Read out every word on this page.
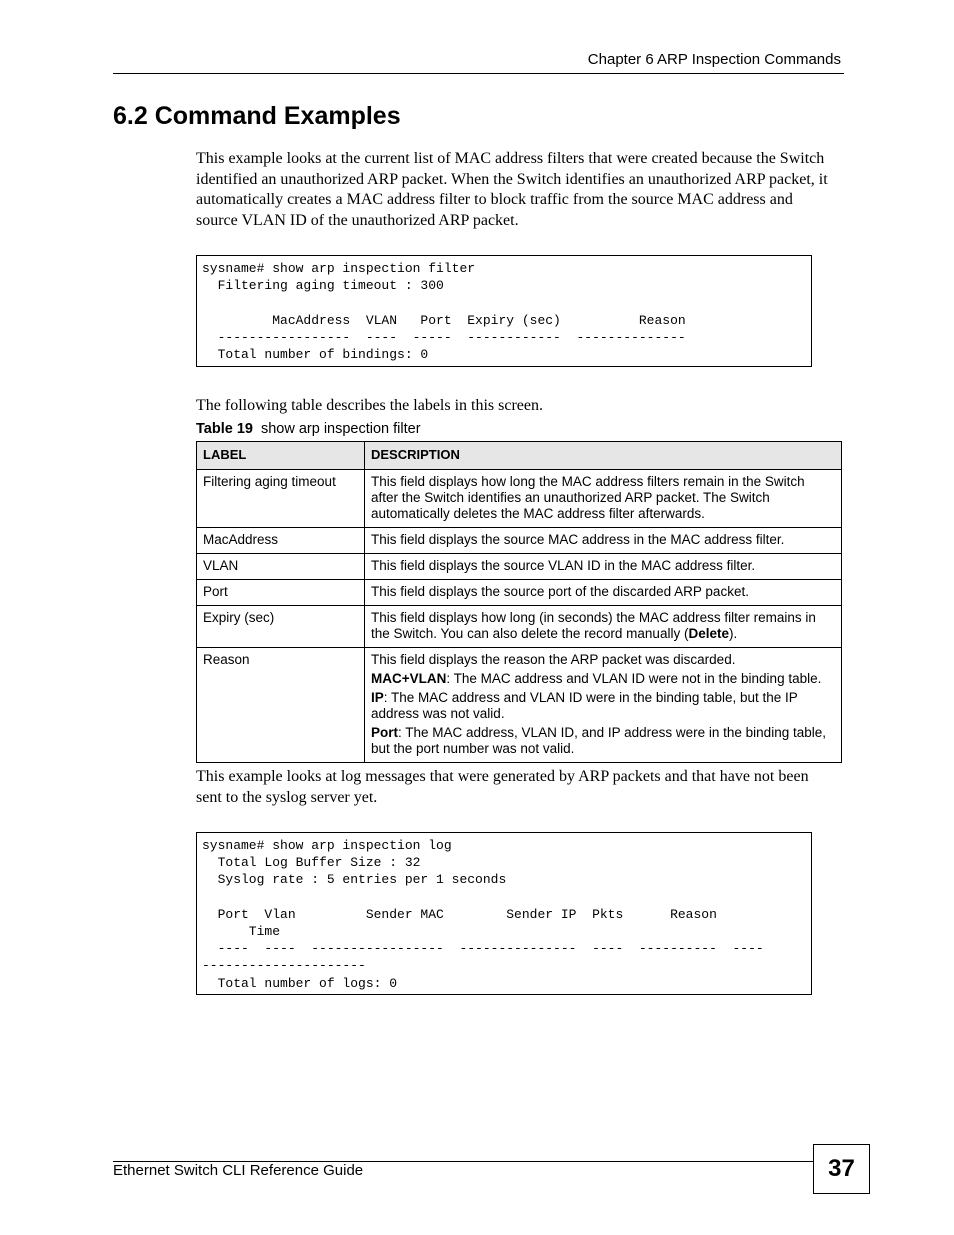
Chapter 6 ARP Inspection Commands
6.2 Command Examples

This example looks at the current list of MAC address filters that were created because the Switch identified an unauthorized ARP packet. When the Switch identifies an unauthorized ARP packet, it automatically creates a MAC address filter to block traffic from the source MAC address and source VLAN ID of the unauthorized ARP packet.

sysname# show arp inspection filter
Filtering aging timeout : 300

MacAddress  VLAN   Port  Expiry (sec)          Reason
-----------------  ----  -----  ------------  --------------
Total number of bindings: 0

The following table describes the labels in this screen.

Table 19 show arp inspection filter
LABEL	DESCRIPTION
Filtering aging timeout	This field displays how long the MAC address filters remain in the Switch after the Switch identifies an unauthorized ARP packet. The Switch automatically deletes the MAC address filter afterwards.
MacAddress	This field displays the source MAC address in the MAC address filter.
VLAN	This field displays the source VLAN ID in the MAC address filter.
Port	This field displays the source port of the discarded ARP packet.
Expiry (sec)	This field displays how long (in seconds) the MAC address filter remains in the Switch. You can also delete the record manually (Delete).
Reason	This field displays the reason the ARP packet was discarded.

MAC+VLAN: The MAC address and VLAN ID were not in the binding table.

IP: The MAC address and VLAN ID were in the binding table, but the IP address was not valid.

Port: The MAC address, VLAN ID, and IP address were in the binding table, but the port number was not valid.

This example looks at log messages that were generated by ARP packets and that have not been sent to the syslog server yet.

sysname# show arp inspection log
Total Log Buffer Size : 32
Syslog rate : 5 entries per 1 seconds

Port  Vlan         Sender MAC        Sender IP  Pkts      Reason
Time
----  ----  -----------------  ---------------  ----  ----------  ----
---------------------
Total number of logs: 0
Ethernet Switch CLI Reference Guide	37
